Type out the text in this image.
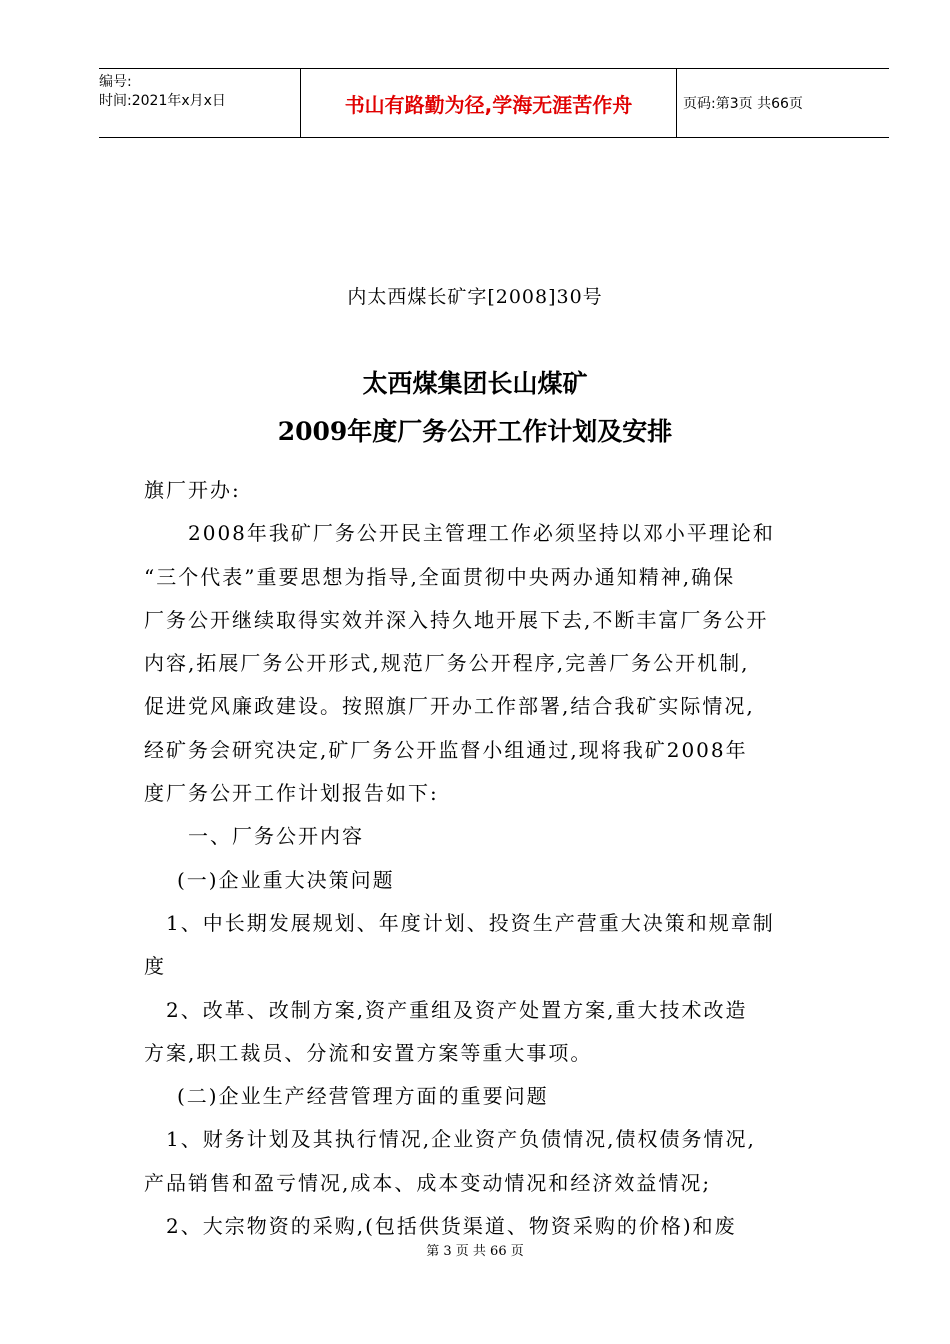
编号:
时间:2021年x月x日	书山有路勤为径,学海无涯苦作舟	页码:第3页 共66页
内太西煤长矿字[2008]30号
太西煤集团长山煤矿
2009年度厂务公开工作计划及安排
旗厂开办:
2008年我矿厂务公开民主管理工作必须坚持以邓小平理论和
“三个代表”重要思想为指导,全面贯彻中央两办通知精神,确保
厂务公开继续取得实效并深入持久地开展下去,不断丰富厂务公开
内容,拓展厂务公开形式,规范厂务公开程序,完善厂务公开机制,
促进党风廉政建设。按照旗厂开办工作部署,结合我矿实际情况,
经矿务会研究决定,矿厂务公开监督小组通过,现将我矿2008年
度厂务公开工作计划报告如下:
一、厂务公开内容
(一)企业重大决策问题
1、中长期发展规划、年度计划、投资生产营重大决策和规章制
度
2、改革、改制方案,资产重组及资产处置方案,重大技术改造
方案,职工裁员、分流和安置方案等重大事项。
(二)企业生产经营管理方面的重要问题
1、财务计划及其执行情况,企业资产负债情况,债权债务情况,
产品销售和盈亏情况,成本、成本变动情况和经济效益情况;
2、大宗物资的采购,(包括供货渠道、物资采购的价格)和废
第 3 页 共 66 页
